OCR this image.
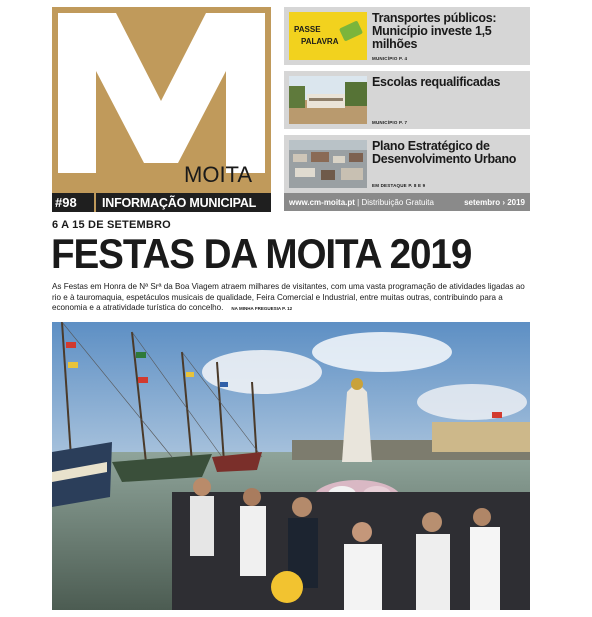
MOITA
#98	INFORMAÇÃO MUNICIPAL
PASSE
PALAVRA
Transportes públicos: Município investe 1,5 milhões
MUNICÍPIO P. 4
Escolas requalificadas
MUNICÍPIO P. 7
Plano Estratégico de Desenvolvimento Urbano
EM DESTAQUE P. 8 E 9
www.cm-moita.pt | Distribuição Gratuita	setembro › 2019
6 A 15 DE SETEMBRO
FESTAS DA MOITA 2019
As Festas em Honra de Nª Srª da Boa Viagem atraem milhares de visitantes, com uma vasta programação de atividades ligadas ao rio e à tauromaquia, espetáculos musicais de qualidade, Feira Comercial e Industrial, entre muitas outras, contribuindo para a economia e a atratividade turística do concelho. NA MINHA FREGUESIA P. 12
